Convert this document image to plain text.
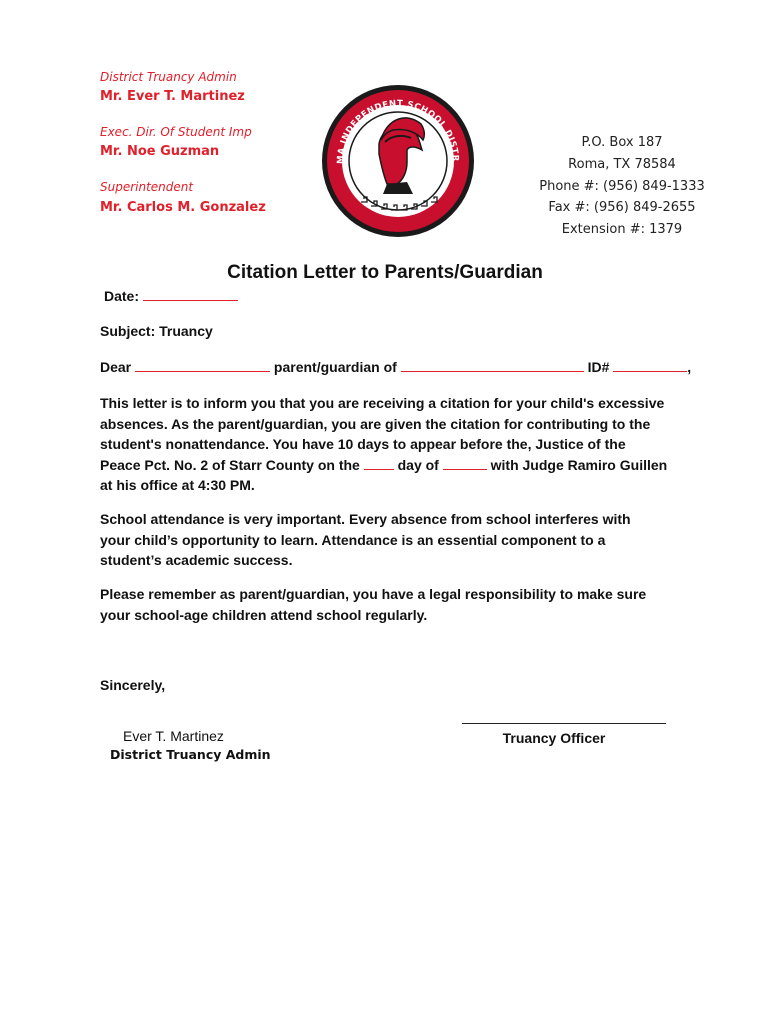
District Truancy Admin
Mr. Ever T. Martinez
Exec. Dir. Of Student Imp
Mr. Noe Guzman
Superintendent
Mr. Carlos M. Gonzalez
MA INDEPENDENT SCHOOL DISTR
P.O. Box 187
Roma, TX 78584
Phone #: (956) 849-1333
Fax #: (956) 849-2655
Extension #: 1379
Citation Letter to Parents/Guardian
Date:
Subject: Truancy
Dear	parent/guardian of	ID#	,
This letter is to inform you that you are receiving a citation for your child's excessive
absences. As the parent/guardian, you are given the citation for contributing to the
student's nonattendance. You have 10 days to appear before the, Justice of the
Peace Pct. No. 2 of Starr County on the	day of	with Judge Ramiro Guillen
at his office at 4:30 PM.
School attendance is very important. Every absence from school interferes with
your child’s opportunity to learn. Attendance is an essential component to a
student’s academic success.
Please remember as parent/guardian, you have a legal responsibility to make sure
your school-age children attend school regularly.
Sincerely,
Ever T. Martinez
District Truancy Admin
Truancy Officer
